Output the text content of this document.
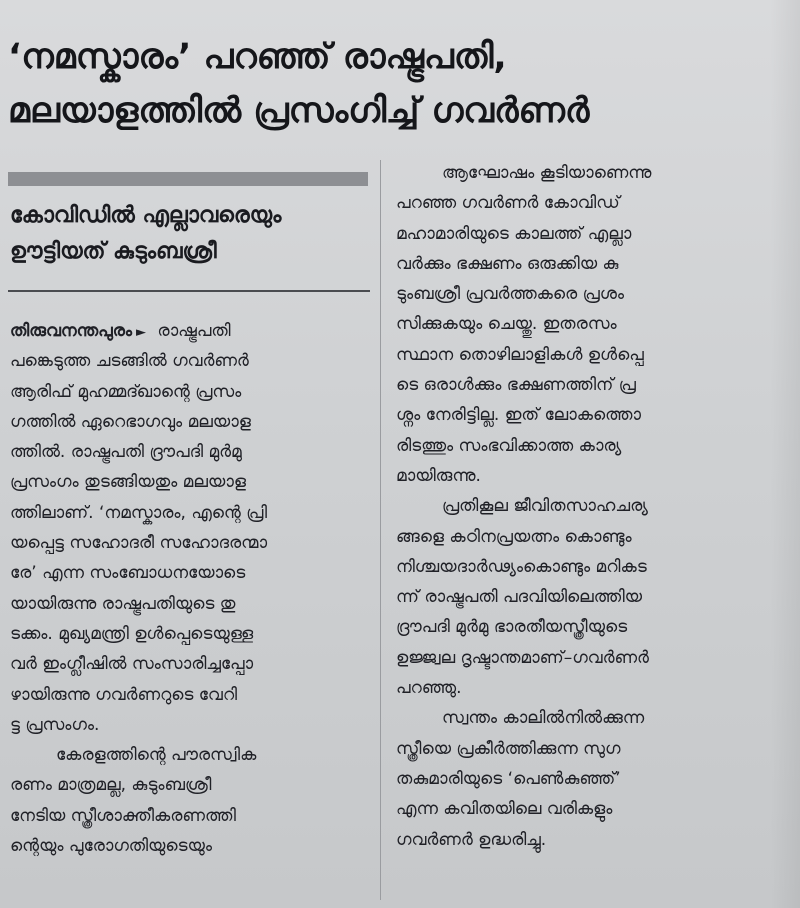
‘നമസ്കാരം’ പറഞ്ഞ് രാഷ്ട്രപതി,
മലയാളത്തിൽ പ്രസംഗിച്ച് ഗവർണർ
കോവിഡിൽ എല്ലാവരെയും
ഊട്ടിയത് കുടുംബശ്രീ
തിരുവനന്തപുരം ► രാഷ്ട്രപതി
പങ്കെടുത്ത ചടങ്ങിൽ ഗവർണർ
ആരിഫ് മുഹമ്മദ്ഖാന്റെ പ്രസം
ഗത്തിൽ ഏറെഭാഗവും മലയാള
ത്തിൽ. രാഷ്ട്രപതി ദ്രൗപദി മുർമു
പ്രസംഗം തുടങ്ങിയതും മലയാള
ത്തിലാണ്. ‘നമസ്കാരം, എന്റെ പ്രി
യപ്പെട്ട സഹോദരീ സഹോദരന്മാ
രേ’ എന്ന സംബോധനയോടെ
യായിരുന്നു രാഷ്ട്രപതിയുടെ തു
ടക്കം. മുഖ്യമന്ത്രി ഉൾപ്പെടെയുള്ള
വർ ഇംഗ്ലീഷിൽ സംസാരിച്ചപ്പോ
ഴായിരുന്നു ഗവർണറുടെ വേറി
ട്ട പ്രസംഗം.
കേരളത്തിന്റെ പൗരസ്വിക
രണം മാത്രമല്ല, കുടുംബശ്രീ
നേടിയ സ്ത്രീശാക്തീകരണത്തി
ന്റെയും പുരോഗതിയുടെയും
ആഘോഷം കൂടിയാണെന്നു
പറഞ്ഞ ഗവർണർ കോവിഡ്
മഹാമാരിയുടെ കാലത്ത് എല്ലാ
വർക്കും ഭക്ഷണം ഒരുക്കിയ കു
ടുംബശ്രീ പ്രവർത്തകരെ പ്രശം
സിക്കുകയും ചെയ്തു. ഇതരസം
സ്ഥാന തൊഴിലാളികൾ ഉൾപ്പെ
ടെ ഒരാൾക്കും ഭക്ഷണത്തിന് പ്ര
ശ്നം നേരിട്ടില്ല. ഇത് ലോകത്തൊ
രിടത്തും സംഭവിക്കാത്ത കാര്യ
മായിരുന്നു.
പ്രതികൂല ജീവിതസാഹചര്യ
ങ്ങളെ കഠിനപ്രയത്നം കൊണ്ടും
നിശ്ചയദാർഢ്യംകൊണ്ടും മറികട
ന്ന് രാഷ്ട്രപതി പദവിയിലെത്തിയ
ദ്രൗപദി മുർമു ഭാരതീയസ്ത്രീയുടെ
ഉജ്ജ്വല ദൃഷ്ടാന്തമാണ്–ഗവർണർ
പറഞ്ഞു.
സ്വന്തം കാലിൽനിൽക്കുന്ന
സ്ത്രീയെ പ്രകീർത്തിക്കുന്ന സുഗ
തകുമാരിയുടെ ‘പെൺകുഞ്ഞ്’
എന്ന കവിതയിലെ വരികളും
ഗവർണർ ഉദ്ധരിച്ചു.
